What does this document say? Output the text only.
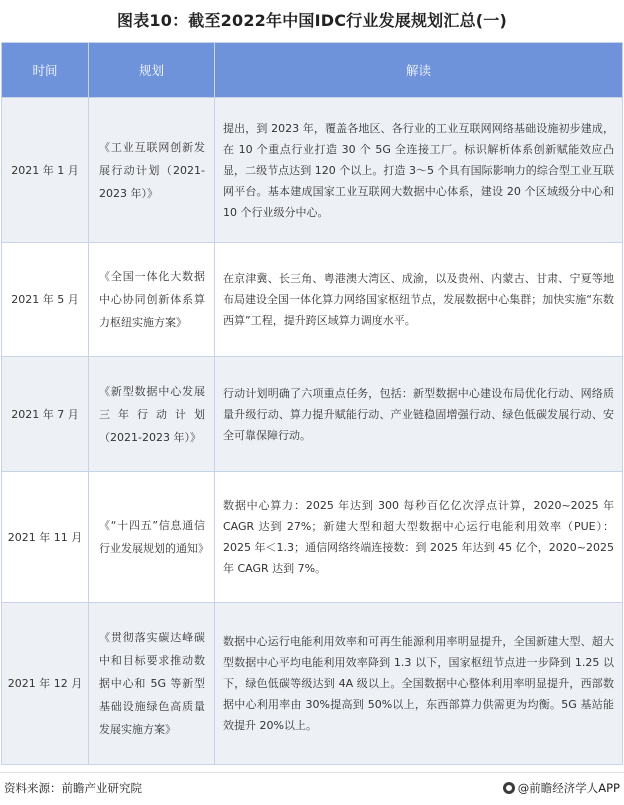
图表10：截至2022年中国IDC行业发展规划汇总(一)
时间	规划	解读
2021 年 1 月	《工业互联网创新发展行动计划（2021-2023 年）》	提出，到 2023 年，覆盖各地区、各行业的工业互联网网络基础设施初步建成，在 10 个重点行业打造 30 个 5G 全连接工厂。标识解析体系创新赋能效应凸显，二级节点达到 120 个以上。打造 3～5 个具有国际影响力的综合型工业互联网平台。基本建成国家工业互联网大数据中心体系，建设 20 个区域级分中心和 10 个行业级分中心。
2021 年 5 月	《全国一体化大数据中心协同创新体系算力枢纽实施方案》	在京津冀、长三角、粤港澳大湾区、成渝，以及贵州、内蒙古、甘肃、宁夏等地布局建设全国一体化算力网络国家枢纽节点，发展数据中心集群；加快实施“东数西算”工程，提升跨区域算力调度水平。
2021 年 7 月	《新型数据中心发展三年行动计划（2021-2023 年）》	行动计划明确了六项重点任务，包括：新型数据中心建设布局优化行动、网络质量升级行动、算力提升赋能行动、产业链稳固增强行动、绿色低碳发展行动、安全可靠保障行动。
2021 年 11 月	《“十四五”信息通信行业发展规划的通知》	数据中心算力：2025 年达到 300 每秒百亿亿次浮点计算，2020~2025 年 CAGR 达到 27%；新建大型和超大型数据中心运行电能利用效率（PUE）：2025 年＜1.3；通信网络终端连接数：到 2025 年达到 45 亿个，2020~2025 年 CAGR 达到 7%。
2021 年 12 月	《贯彻落实碳达峰碳中和目标要求推动数据中心和 5G 等新型基础设施绿色高质量发展实施方案》	数据中心运行电能利用效率和可再生能源利用率明显提升，全国新建大型、超大型数据中心平均电能利用效率降到 1.3 以下，国家枢纽节点进一步降到 1.25 以下，绿色低碳等级达到 4A 级以上。全国数据中心整体利用率明显提升，西部数据中心利用率由 30%提高到 50%以上，东西部算力供需更为均衡。5G 基站能效提升 20%以上。
资料来源：前瞻产业研究院	@前瞻经济学人APP
